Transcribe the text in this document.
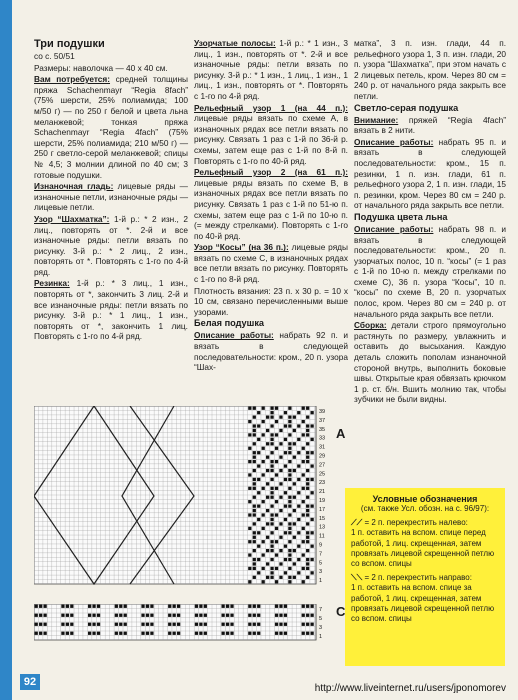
Три подушки

со с. 50/51

Размеры: наволочка — 40 х 40 см.

Вам потребуется: средней толщины пряжа Schachenmayr “Regia 8fach” (75% шерсти, 25% полиамида; 100 м/50 г) — по 250 г белой и цвета льна меланжевой; тонкая пряжа Schachenmayr “Regia 4fach” (75% шерсти, 25% полиамида; 210 м/50 г) — 250 г светло-серой меланжевой; спицы № 4,5; 3 молнии длиной по 40 см; 3 готовые подушки.

Изнаночная гладь: лицевые ряды — изнаночные петли, изнаночные ряды — лицевые петли.

Узор “Шахматка”: 1-й р.: * 2 изн., 2 лиц., повторять от *. 2-й и все изнаночные ряды: петли вязать по рисунку. 3-й р.: * 2 лиц., 2 изн., повторять от *. Повторять с 1-го по 4-й ряд.

Резинка: 1-й р.: * 3 лиц., 1 изн., повторять от *, закончить 3 лиц. 2-й и все изнаночные ряды: петли вязать по рисунку. 3-й р.: * 1 лиц., 1 изн., повторять от *, закончить 1 лиц. Повторять с 1-го по 4-й ряд.

Узорчатые полосы: 1-й р.: * 1 изн., 3 лиц., 1 изн., повторять от *. 2-й и все изнаночные ряды: петли вязать по рисунку. 3-й р.: * 1 изн., 1 лиц., 1 изн., 1 лиц., 1 изн., повторять от *. Повторять с 1-го по 4-й ряд.

Рельефный узор 1 (на 44 п.): лицевые ряды вязать по схеме А, в изнаночных рядах все петли вязать по рисунку. Связать 1 раз с 1-й по 36-й р. схемы, затем еще раз с 1-й по 8-й п. Повторять с 1-го по 40-й ряд.

Рельефный узор 2 (на 61 п.): лицевые ряды вязать по схеме В, в изнаночных рядах все петли вязать по рисунку. Связать 1 раз с 1-й по 51-ю п. схемы, затем еще раз с 1-й по 10-ю п. (= между стрелками). Повторять с 1-го по 40-й ряд.

Узор “Косы” (на 36 п.): лицевые ряды вязать по схеме С, в изнаночных рядах все петли вязать по рисунку. Повторять с 1-го по 8-й ряд.

Плотность вязания: 23 п. х 30 р. = 10 х 10 см, связано перечисленными выше узорами.

Белая подушка

Описание работы: набрать 92 п. и вязать в следующей последовательности: кром., 20 п. узора “Шах-

матка”, 3 п. изн. глади, 44 п. рельефного узора 1, 3 п. изн. глади, 20 п. узора “Шахматка”, при этом начать с 2 лицевых петель, кром. Через 80 см = 240 р. от начального ряда закрыть все петли.

Светло-серая подушка

Внимание: пряжей “Regia 4fach” вязать в 2 нити.

Описание работы: набрать 95 п. и вязать в следующей последовательности: кром., 15 п. резинки, 1 п. изн. глади, 61 п. рельефного узора 2, 1 п. изн. глади, 15 п. резинки, кром. Через 80 см = 240 р. от начального ряда закрыть все петли.

Подушка цвета льна

Описание работы: набрать 98 п. и вязать в следующей последовательности: кром., 20 п. узорчатых полос, 10 п. “косы” (= 1 раз с 1-й по 10-ю п. между стрелками по схеме С), 36 п. узора “Косы”, 10 п. “косы” по схеме В, 20 п. узорчатых полос, кром. Через 80 см = 240 р. от начального ряда закрыть все петли.

Сборка: детали строго прямоугольно растянуть по размеру, увлажнить и оставить до высыхания. Каждую деталь сложить пополам изнаночной стороной внутрь, выполнить боковые швы. Открытые края обвязать крючком 1 р. ст. б/н. Вшить молнию так, чтобы зубчики не были видны.

39
37
35
33
31
29
27
25
23
21
19
17
15
13
11
9
7
5
3
1
7
5
3
1
A
C
Условные обозначения
(см. также Усл. обозн. на с. 96/97):
⟋⟋ = 2 п. перекрестить налево:
1 п. оставить на вспом. спице перед работой, 1 лиц. скрещенная, затем провязать лицевой скрещенной петлю со вспом. спицы
⟍⟍ = 2 п. перекрестить направо:
1 п. оставить на вспом. спице за работой, 1 лиц. скрещенная, затем провязать лицевой скрещенной петлю со вспом. спицы
92
http://www.liveinternet.ru/users/jponomorev
